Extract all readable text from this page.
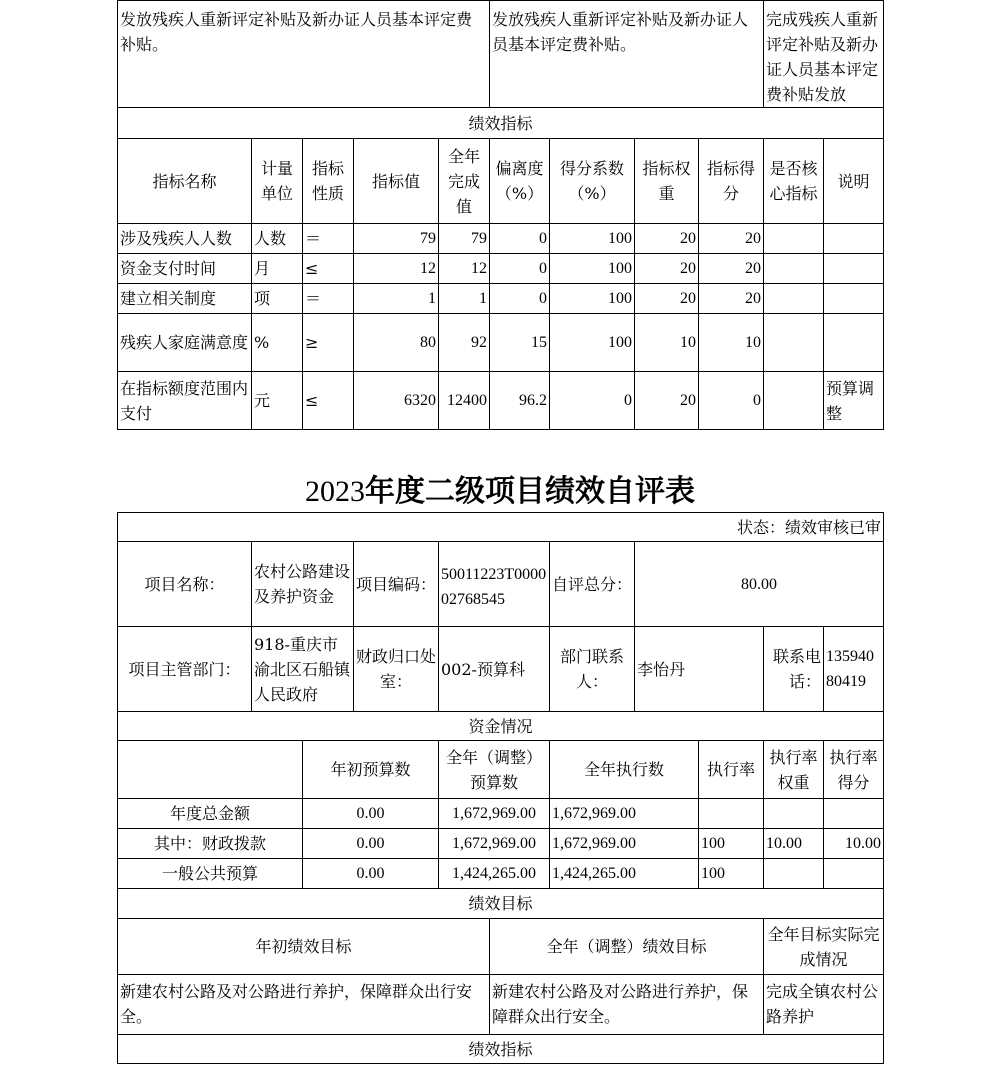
发放残疾人重新评定补贴及新办证人员基本评定费补贴。					发放残疾人重新评定补贴及新办证人员基本评定费补贴。				完成残疾人重新评定补贴及新办证人员基本评定费补贴发放	
绩效指标										
指标名称	计量单位	指标性质	指标值	全年完成值	偏离度（%）	得分系数（%）	指标权重	指标得分	是否核心指标	说明
涉及残疾人人数	人数	＝	79	79	0	100	20	20		
资金支付时间	月	≤	12	12	0	100	20	20		
建立相关制度	项	＝	1	1	0	100	20	20		
残疾人家庭满意度	%	≥	80	92	15	100	10	10		
在指标额度范围内支付	元	≤	6320	12400	96.2	0	20	0		预算调整
2023年度二级项目绩效自评表
状态：绩效审核已审										
项目名称：	农村公路建设及养护资金		项目编码：	50011223T000002768545		自评总分：	80.00			
项目主管部门：	918-重庆市渝北区石船镇人民政府		财政归口处室：	002-预算科		部门联系人：	李怡丹		联系电话：	13594080419
资金情况										
		年初预算数		全年（调整）预算数		全年执行数		执行率	执行率权重	执行率得分
年度总金额		0.00		1,672,969.00		1,672,969.00				
其中：财政拨款		0.00		1,672,969.00		1,672,969.00		100	10.00	10.00
一般公共预算		0.00		1,424,265.00		1,424,265.00		100		
绩效目标										
年初绩效目标					全年（调整）绩效目标				全年目标实际完成情况	
新建农村公路及对公路进行养护，保障群众出行安全。					新建农村公路及对公路进行养护，保障群众出行安全。				完成全镇农村公路养护	
绩效指标										
